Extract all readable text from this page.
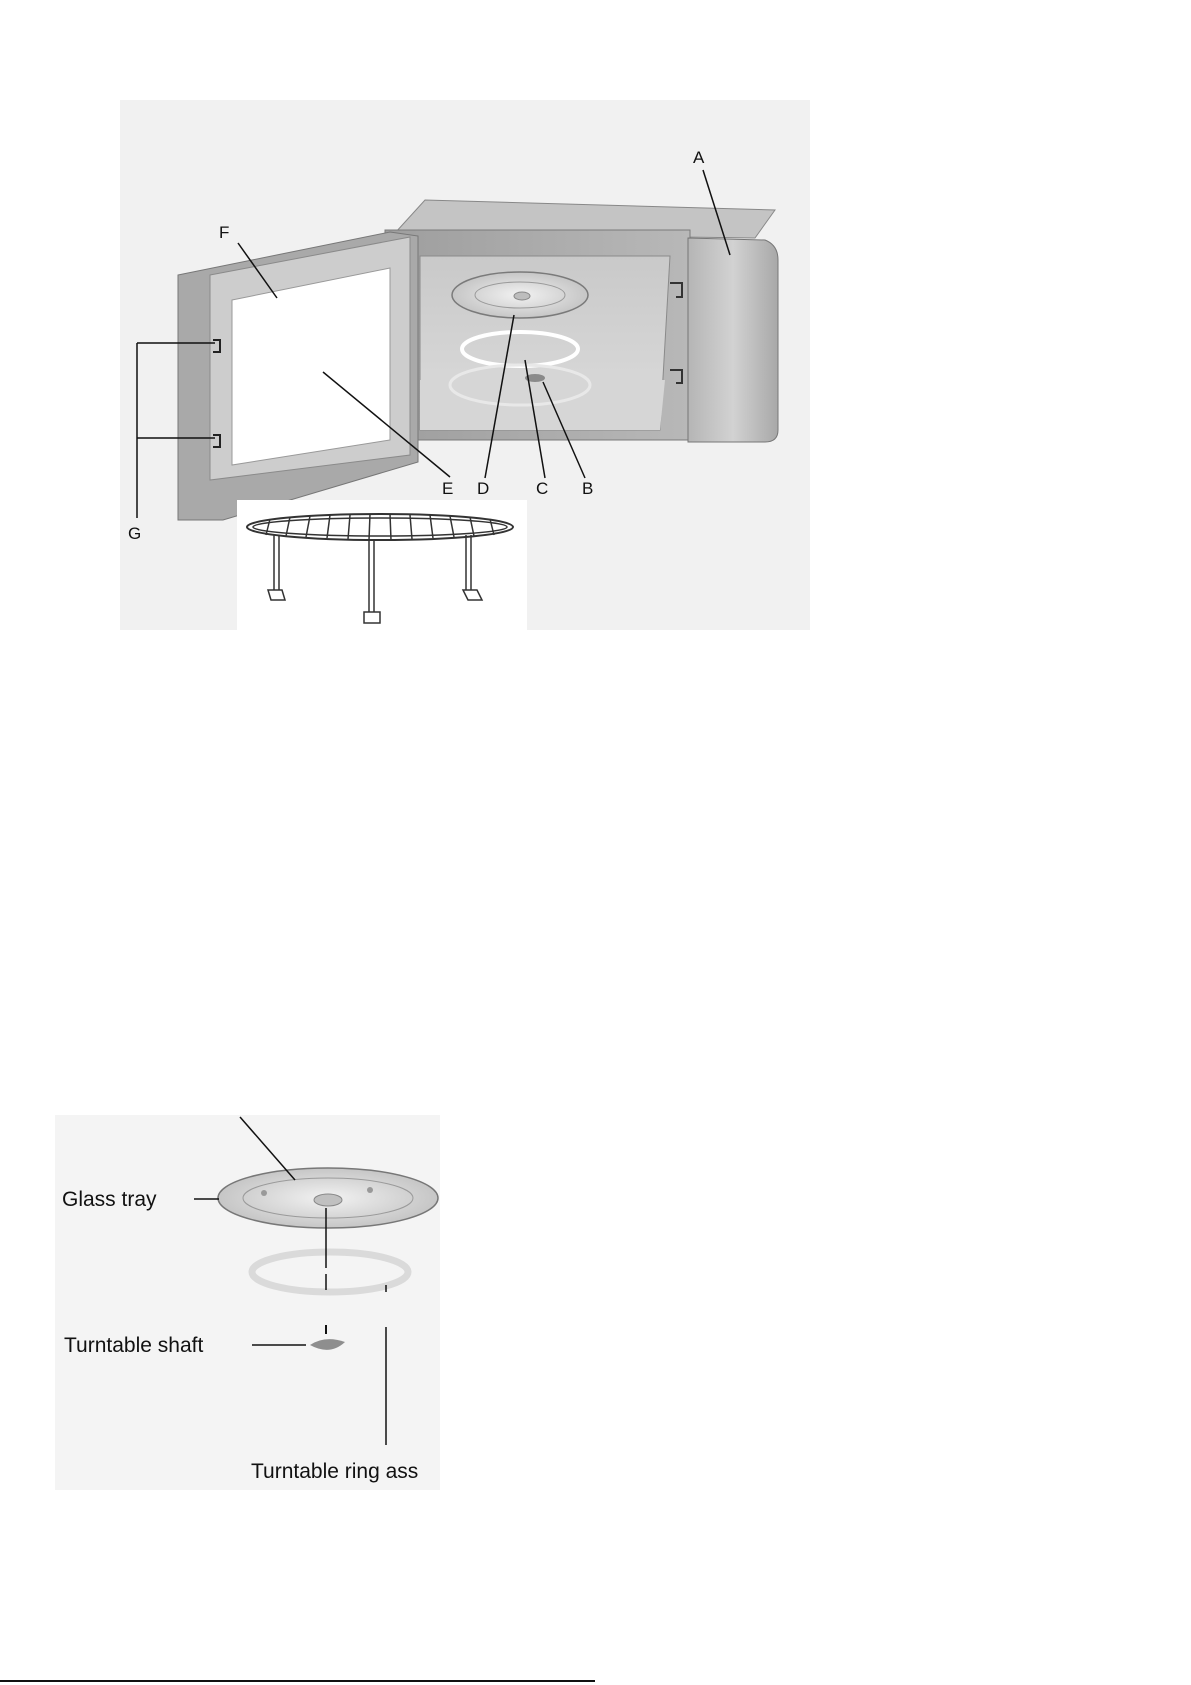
A
B
C
D
E
F
G
Glass tray
Turntable shaft
Turntable ring ass
